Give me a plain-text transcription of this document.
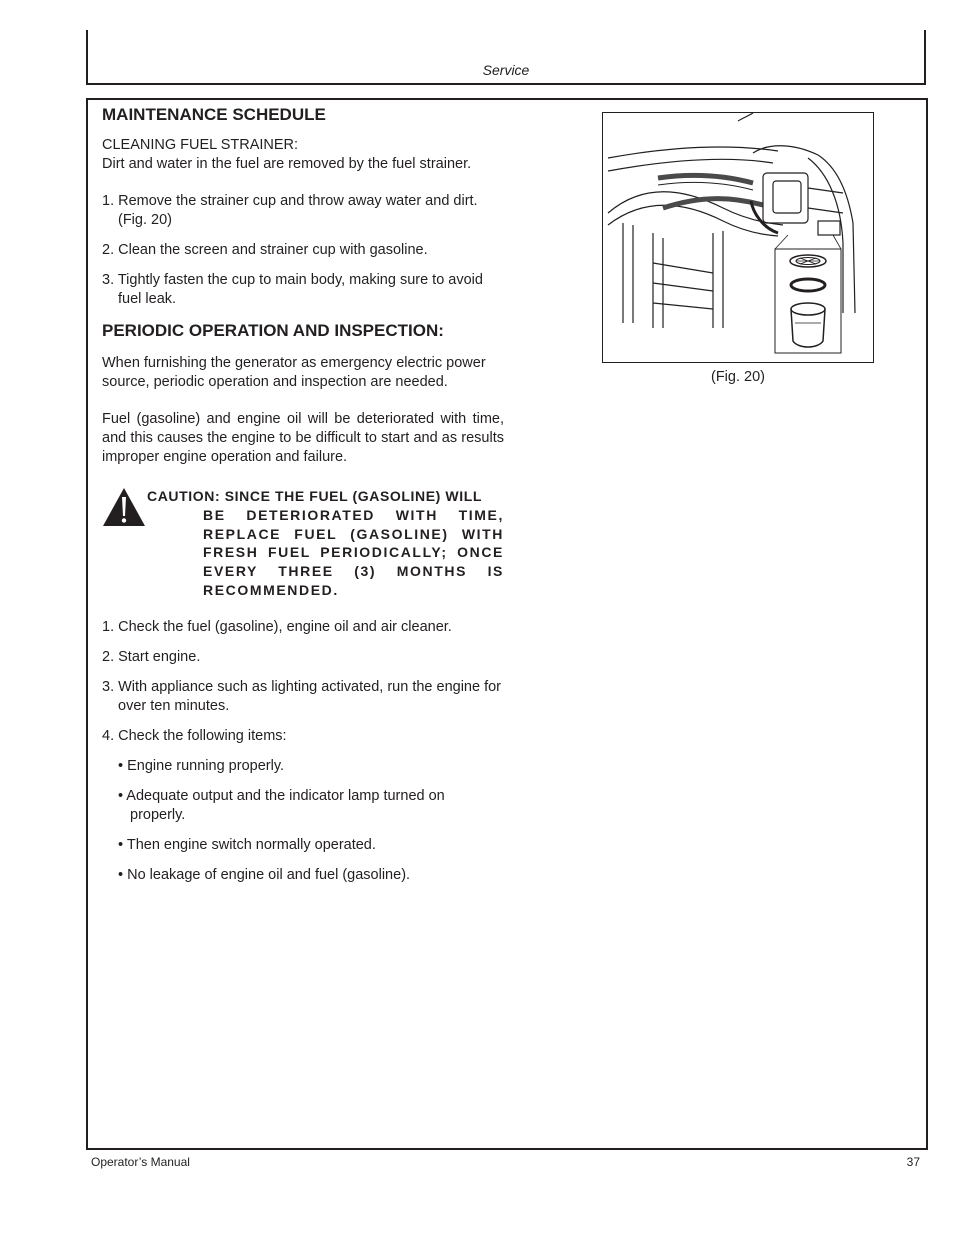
Service
MAINTENANCE SCHEDULE

CLEANING FUEL STRAINER:

Dirt and water in the fuel are removed by the fuel strainer.

1. Remove the strainer cup and throw away water and dirt. (Fig. 20)

2. Clean the screen and strainer cup with gasoline.

3. Tightly fasten the cup to main body, making sure to avoid fuel leak.

PERIODIC OPERATION AND INSPECTION:

When furnishing the generator as emergency electric power source, periodic operation and inspection are needed.

Fuel (gasoline) and engine oil will be deteriorated with time, and this causes the engine to be difficult to start and as results improper engine operation and failure.

CAUTION: SINCE THE FUEL (GASOLINE) WILL
BE DETERIORATED WITH TIME, REPLACE FUEL (GASOLINE) WITH FRESH FUEL PERIODICALLY; ONCE EVERY THREE (3) MONTHS IS RECOMMENDED.

1. Check the fuel (gasoline), engine oil and air cleaner.

2. Start engine.

3. With appliance such as lighting activated, run the engine for over ten minutes.

4. Check the following items:

• Engine running properly.

• Adequate output and the indicator lamp turned on properly.

• Then engine switch normally operated.

• No leakage of engine oil and fuel (gasoline).

(Fig. 20)
Operator’s Manual	37
